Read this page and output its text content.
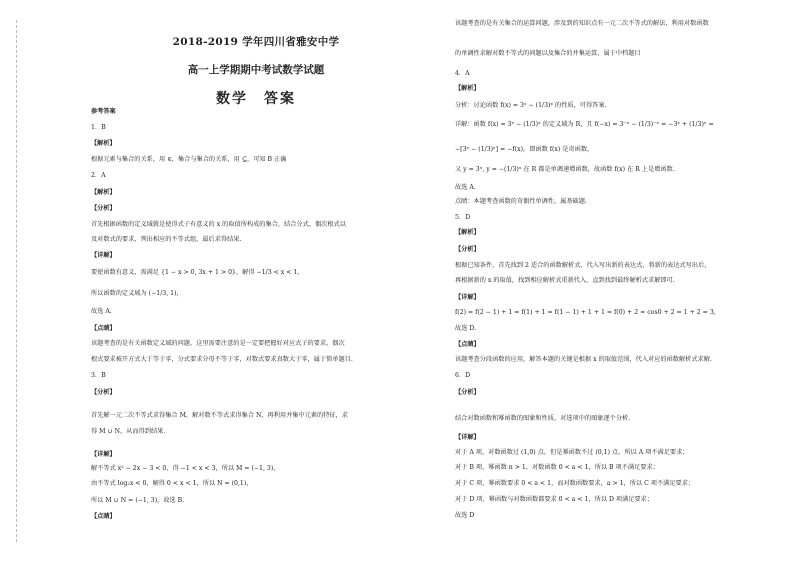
2018-2019 学年四川省雅安中学
高一上学期期中考试数学试题
数学　答案
参考答案
1．B
【解析】
根据元素与集合的关系，用 ∈，集合与集合的关系，用 ⊆，可知 B 正确
2．A
【解析】
【分析】
首先根据函数的定义域就是使得式子有意义的 x 的取值所构成的集合，结合分式、偶次根式以
及对数式的要求，列出相应的不等式组，最后求得结果.
【详解】
要使函数有意义，需满足 {1 − x > 0, 3x + 1 > 0}，解得 −1/3 < x < 1，
所以函数的定义域为 (−1/3, 1)，
故选 A.
【点睛】
该题考查的是有关函数定义域的问题，这里需要注意的是一定要把握好对应式子的要求，偶次
根式要求被开方式大于等于零，分式要求分母不等于零，对数式要求真数大于零，属于简单题目.
3．B
【分析】
首先解一元二次不等式求得集合 M，解对数不等式求得集合 N，再利用并集中元素的特征，求
得 M ∪ N，从而得到结果.
【详解】
解不等式 x² − 2x − 3 < 0，得 −1 < x < 3，所以 M = (−1, 3)，
由不等式 log₂x < 0，解得 0 < x < 1，所以 N = (0,1)，
所以 M ∪ N = (−1, 3)，故选 B.
【点睛】
该题考查的是有关集合的运算问题，涉及到的知识点有一元二次不等式的解法，利用对数函数
的单调性求解对数不等式的问题以及集合的并集运算，属于中档题目
4．A
【解析】
分析：讨论函数 f(x) = 3ˣ − (1/3)ˣ 的性质，可得答案.
详解：函数 f(x) = 3ˣ − (1/3)ˣ 的定义域为 R，且 f(−x) = 3⁻ˣ − (1/3)⁻ˣ = −3ˣ + (1/3)ˣ =
−[3ˣ − (1/3)ˣ] = −f(x)，即函数 f(x) 是奇函数，
又 y = 3ˣ, y = −(1/3)ˣ 在 R 都是单调递增函数，故函数 f(x) 在 R 上是增函数.
故选 A.
点睛：本题考查函数的奇偶性单调性，属基础题.
5．D
【解析】
【分析】
根据已知条件，首先找到 2 适合的函数解析式，代入写出新的表达式，将新的表达式写出后，
再根据新的 x 的取值，找到相应解析式重新代入，直到找到最终解析式求解即可.
【详解】
f(2) = f(2 − 1) + 1 = f(1) + 1 = f(1 − 1) + 1 + 1 = f(0) + 2 = cos0 + 2 = 1 + 2 = 3，
故选 D.
【点睛】
该题考查分段函数的应用，解答本题的关键是根据 x 的取值范围，代入对应的函数解析式求解.
6．D
【分析】
结合对数函数和幂函数的图象和性质，对选项中的图象逐个分析.
【详解】
对于 A 项，对数函数过 (1,0) 点，但是幂函数不过 (0,1) 点，所以 A 项不满足要求；
对于 B 项，幂函数 n > 1，对数函数 0 < a < 1，所以 B 项不满足要求；
对于 C 项，幂函数要求 0 < a < 1，而对数函数要求，a > 1，所以 C 项不满足要求；
对于 D 项，幂函数与对数函数都要求 0 < a < 1，所以 D 项满足要求；
故选 D
